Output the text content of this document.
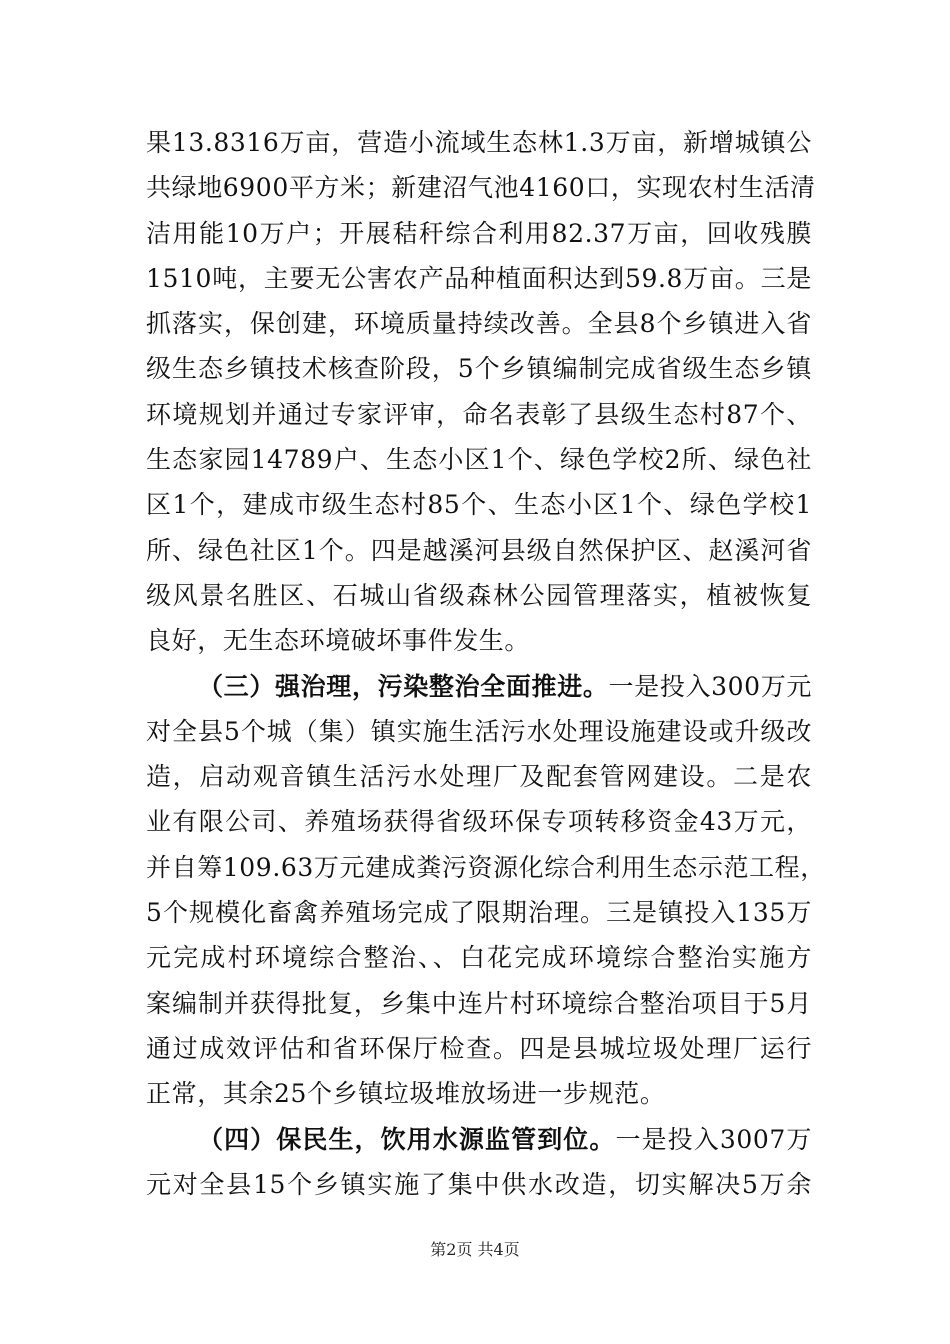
果13.8316万亩，营造小流域生态林1.3万亩，新增城镇公
共绿地6900平方米；新建沼气池4160口，实现农村生活清
洁用能10万户；开展秸秆综合利用82.37万亩，回收残膜
1510吨，主要无公害农产品种植面积达到59.8万亩。三是
抓落实，保创建，环境质量持续改善。全县8个乡镇进入省
级生态乡镇技术核查阶段，5个乡镇编制完成省级生态乡镇
环境规划并通过专家评审，命名表彰了县级生态村87个、
生态家园14789户、生态小区1个、绿色学校2所、绿色社
区1个，建成市级生态村85个、生态小区1个、绿色学校1
所、绿色社区1个。四是越溪河县级自然保护区、赵溪河省
级风景名胜区、石城山省级森林公园管理落实，植被恢复
良好，无生态环境破坏事件发生。
（三）强治理，污染整治全面推进。一是投入300万元
对全县5个城（集）镇实施生活污水处理设施建设或升级改
造，启动观音镇生活污水处理厂及配套管网建设。二是农
业有限公司、养殖场获得省级环保专项转移资金43万元，
并自筹109.63万元建成粪污资源化综合利用生态示范工程，
5个规模化畜禽养殖场完成了限期治理。三是镇投入135万
元完成村环境综合整治、、白花完成环境综合整治实施方
案编制并获得批复，乡集中连片村环境综合整治项目于5月
通过成效评估和省环保厅检查。四是县城垃圾处理厂运行
正常，其余25个乡镇垃圾堆放场进一步规范。
（四）保民生，饮用水源监管到位。一是投入3007万
元对全县15个乡镇实施了集中供水改造，切实解决5万余
第2页 共4页
